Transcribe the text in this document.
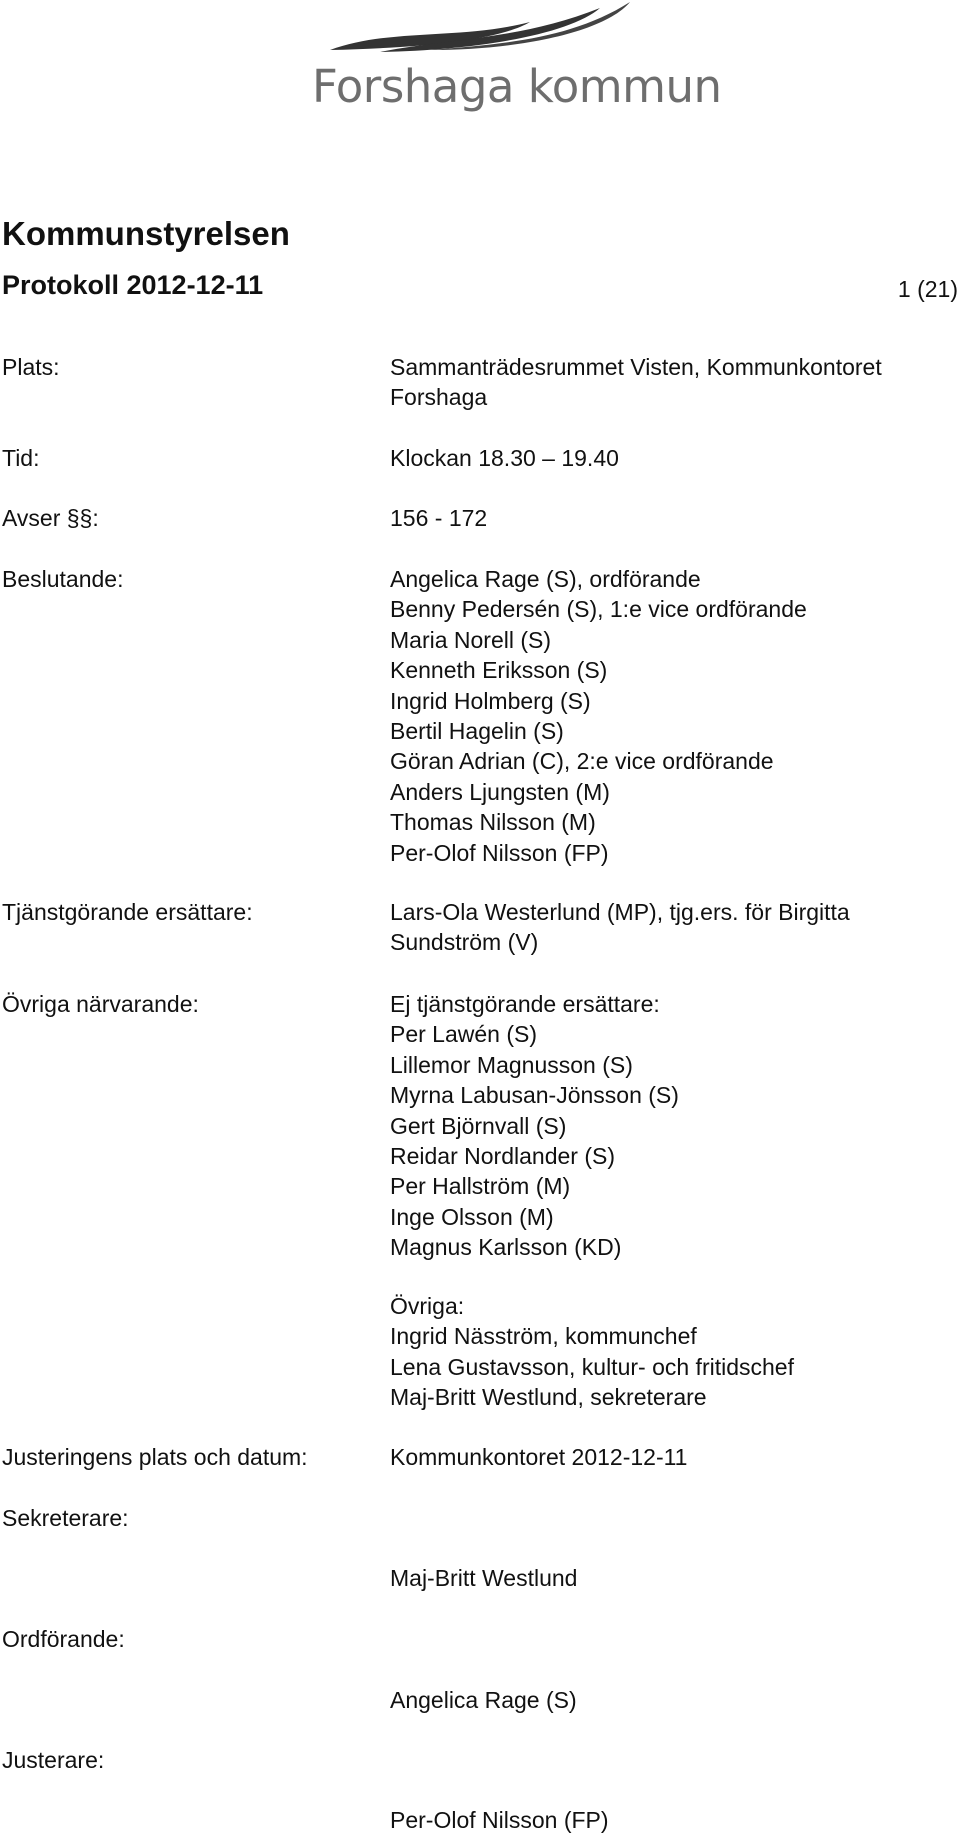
Forshaga kommun
Kommunstyrelsen
Protokoll 2012-12-11	1 (21)
Plats:	Sammanträdesrummet Visten, Kommunkontoret
Forshaga
Tid:	Klockan 18.30 – 19.40
Avser §§:	156 - 172
Beslutande:	Angelica Rage (S), ordförande
Benny Pedersén (S), 1:e vice ordförande
Maria Norell (S)
Kenneth Eriksson (S)
Ingrid Holmberg (S)
Bertil Hagelin (S)
Göran Adrian (C), 2:e vice ordförande
Anders Ljungsten (M)
Thomas Nilsson (M)
Per-Olof Nilsson (FP)
Tjänstgörande ersättare:	Lars-Ola Westerlund (MP), tjg.ers. för Birgitta
Sundström (V)
Övriga närvarande:	Ej tjänstgörande ersättare:
Per Lawén (S)
Lillemor Magnusson (S)
Myrna Labusan-Jönsson (S)
Gert Björnvall (S)
Reidar Nordlander (S)
Per Hallström (M)
Inge Olsson (M)
Magnus Karlsson (KD)
Övriga:
Ingrid Näsström, kommunchef
Lena Gustavsson, kultur- och fritidschef
Maj-Britt Westlund, sekreterare
Justeringens plats och datum:	Kommunkontoret 2012-12-11
Sekreterare:
Maj-Britt Westlund
Ordförande:
Angelica Rage (S)
Justerare:
Per-Olof Nilsson (FP)
